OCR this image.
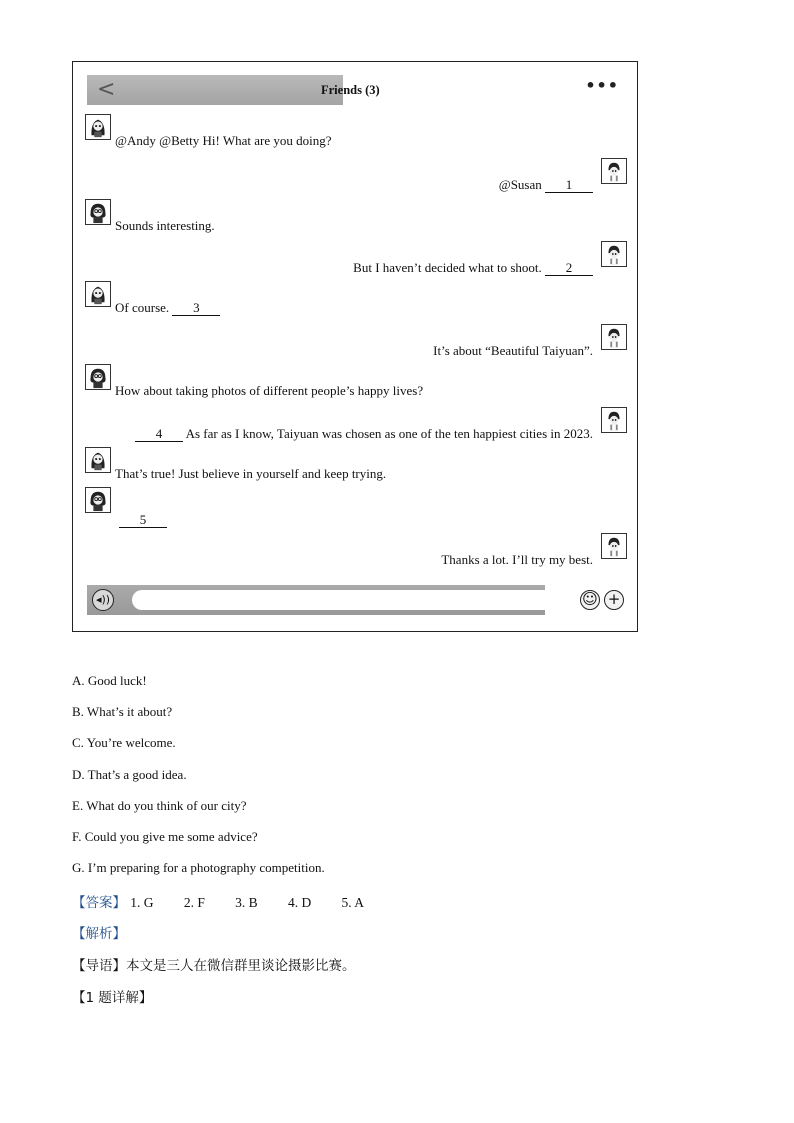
<	Friends (3)	•••
@Andy @Betty Hi! What are you doing?
@Susan 1
Sounds interesting.
But I haven’t decided what to shoot. 2
Of course. 3
It’s about “Beautiful Taiyuan”.
How about taking photos of different people’s happy lives?
4 As far as I know, Taiyuan was chosen as one of the ten happiest cities in 2023.
That’s true! Just believe in yourself and keep trying.
5
Thanks a lot. I’ll try my best.
◂))	☺ +
A. Good luck!
B. What’s it about?
C. You’re welcome.
D. That’s a good idea.
E. What do you think of our city?
F. Could you give me some advice?
G. I’m preparing for a photography competition.
【答案】 1. G 2. F 3. B 4. D 5. A
【解析】
【导语】本文是三人在微信群里谈论摄影比赛。
【1 题详解】
